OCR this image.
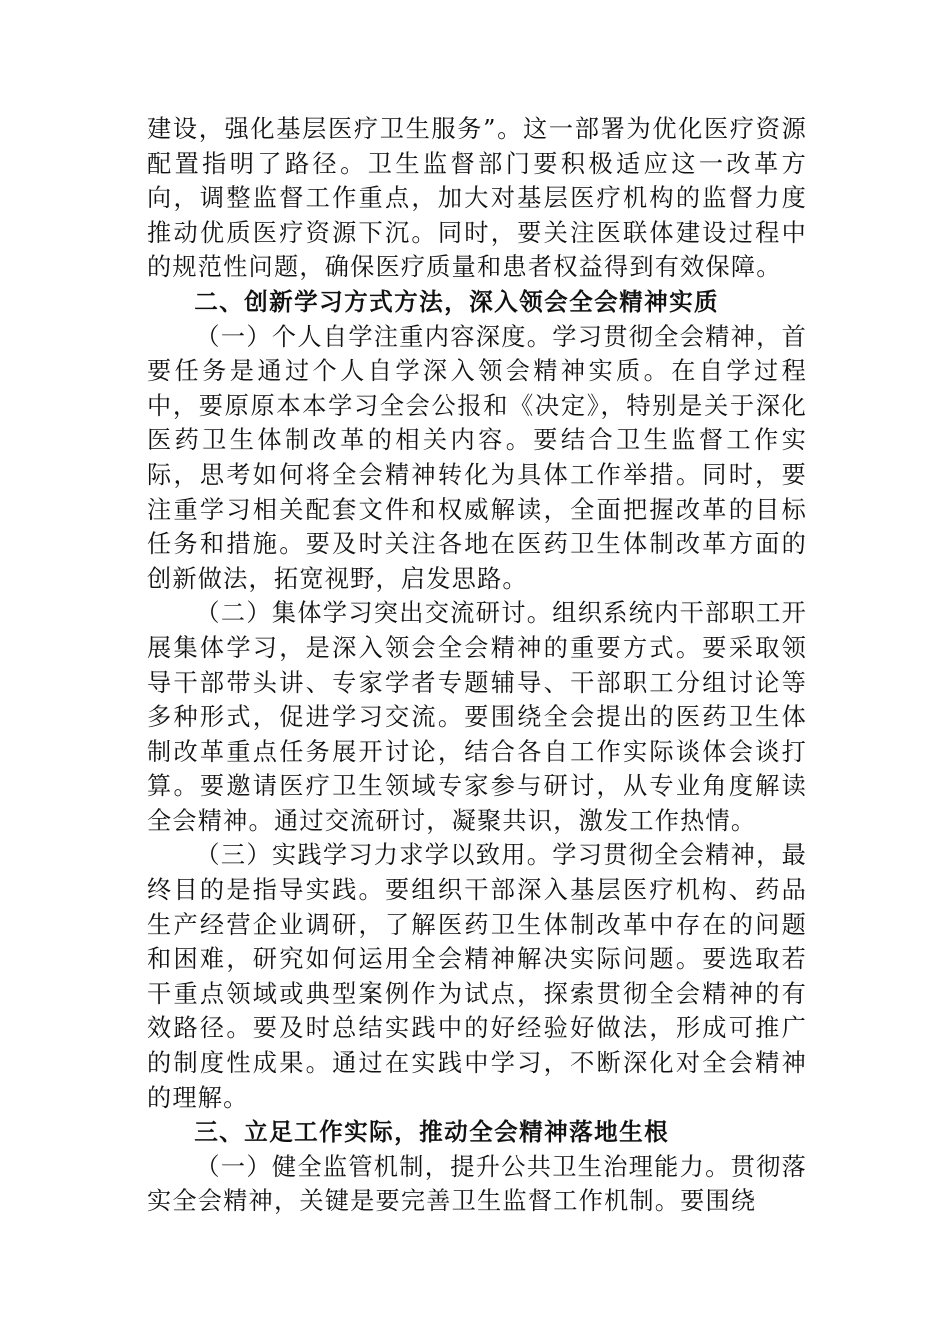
建设，强化基层医疗卫生服务”。这一部署为优化医疗资源配置指明了路径。卫生监督部门要积极适应这一改革方向，调整监督工作重点，加大对基层医疗机构的监督力度推动优质医疗资源下沉。同时，要关注医联体建设过程中的规范性问题，确保医疗质量和患者权益得到有效保障。

二、创新学习方式方法，深入领会全会精神实质

（一）个人自学注重内容深度。学习贯彻全会精神，首要任务是通过个人自学深入领会精神实质。在自学过程中，要原原本本学习全会公报和《决定》，特别是关于深化医药卫生体制改革的相关内容。要结合卫生监督工作实际，思考如何将全会精神转化为具体工作举措。同时，要注重学习相关配套文件和权威解读，全面把握改革的目标任务和措施。要及时关注各地在医药卫生体制改革方面的创新做法，拓宽视野，启发思路。

（二）集体学习突出交流研讨。组织系统内干部职工开展集体学习，是深入领会全会精神的重要方式。要采取领导干部带头讲、专家学者专题辅导、干部职工分组讨论等多种形式，促进学习交流。要围绕全会提出的医药卫生体制改革重点任务展开讨论，结合各自工作实际谈体会谈打算。要邀请医疗卫生领域专家参与研讨，从专业角度解读全会精神。通过交流研讨，凝聚共识，激发工作热情。

（三）实践学习力求学以致用。学习贯彻全会精神，最终目的是指导实践。要组织干部深入基层医疗机构、药品生产经营企业调研，了解医药卫生体制改革中存在的问题和困难，研究如何运用全会精神解决实际问题。要选取若干重点领域或典型案例作为试点，探索贯彻全会精神的有效路径。要及时总结实践中的好经验好做法，形成可推广的制度性成果。通过在实践中学习，不断深化对全会精神的理解。

三、立足工作实际，推动全会精神落地生根

（一）健全监管机制，提升公共卫生治理能力。贯彻落实全会精神，关键是要完善卫生监督工作机制。要围绕
